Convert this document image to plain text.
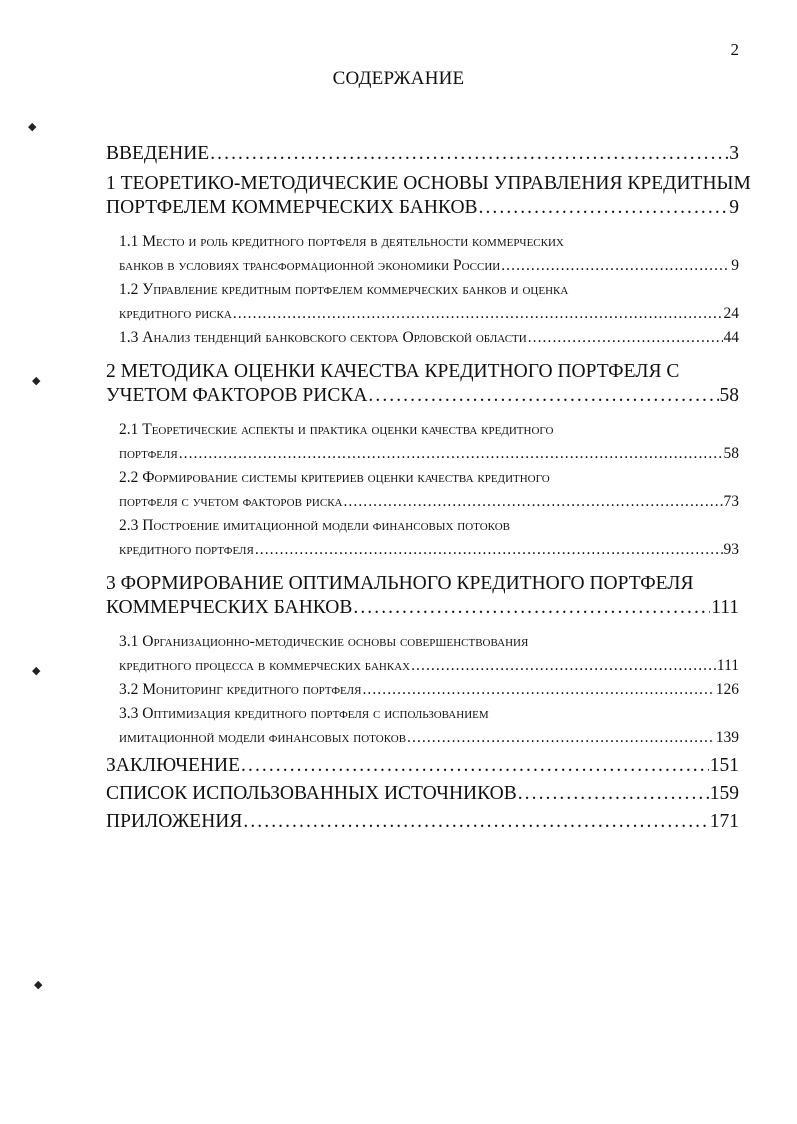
2
СОДЕРЖАНИЕ
◆
◆
◆
◆
ВВЕДЕНИЕ . . .	3
1 ТЕОРЕТИКО-МЕТОДИЧЕСКИЕ ОСНОВЫ УПРАВЛЕНИЯ КРЕДИТНЫМ
ПОРТФЕЛЕМ КОММЕРЧЕСКИХ БАНКОВ . . .	9
1.1 Место и роль кредитного портфеля в деятельности коммерческих
банков в условиях трансформационной экономики России . . .	9
1.2 Управление кредитным портфелем коммерческих банков и оценка
кредитного риска . . .	24
1.3 Анализ тенденций банковского сектора Орловской области . . .	44
2 МЕТОДИКА ОЦЕНКИ КАЧЕСТВА КРЕДИТНОГО ПОРТФЕЛЯ С
УЧЕТОМ ФАКТОРОВ РИСКА . . .	58
2.1 Теоретические аспекты и практика оценки качества кредитного
портфеля . . .	58
2.2 Формирование системы критериев оценки качества кредитного
портфеля с учетом факторов риска . . .	73
2.3 Построение имитационной модели финансовых потоков
кредитного портфеля . . .	93
3 ФОРМИРОВАНИЕ ОПТИМАЛЬНОГО КРЕДИТНОГО ПОРТФЕЛЯ
КОММЕРЧЕСКИХ БАНКОВ . . .	111
3.1 Организационно-методические основы совершенствования
кредитного процесса в коммерческих банках . . .	111
3.2 Мониторинг кредитного портфеля . . .	126
3.3 Оптимизация кредитного портфеля с использованием
имитационной модели финансовых потоков . . .	139
ЗАКЛЮЧЕНИЕ . . .	151
СПИСОК ИСПОЛЬЗОВАННЫХ ИСТОЧНИКОВ . . .	159
ПРИЛОЖЕНИЯ . . .	171
